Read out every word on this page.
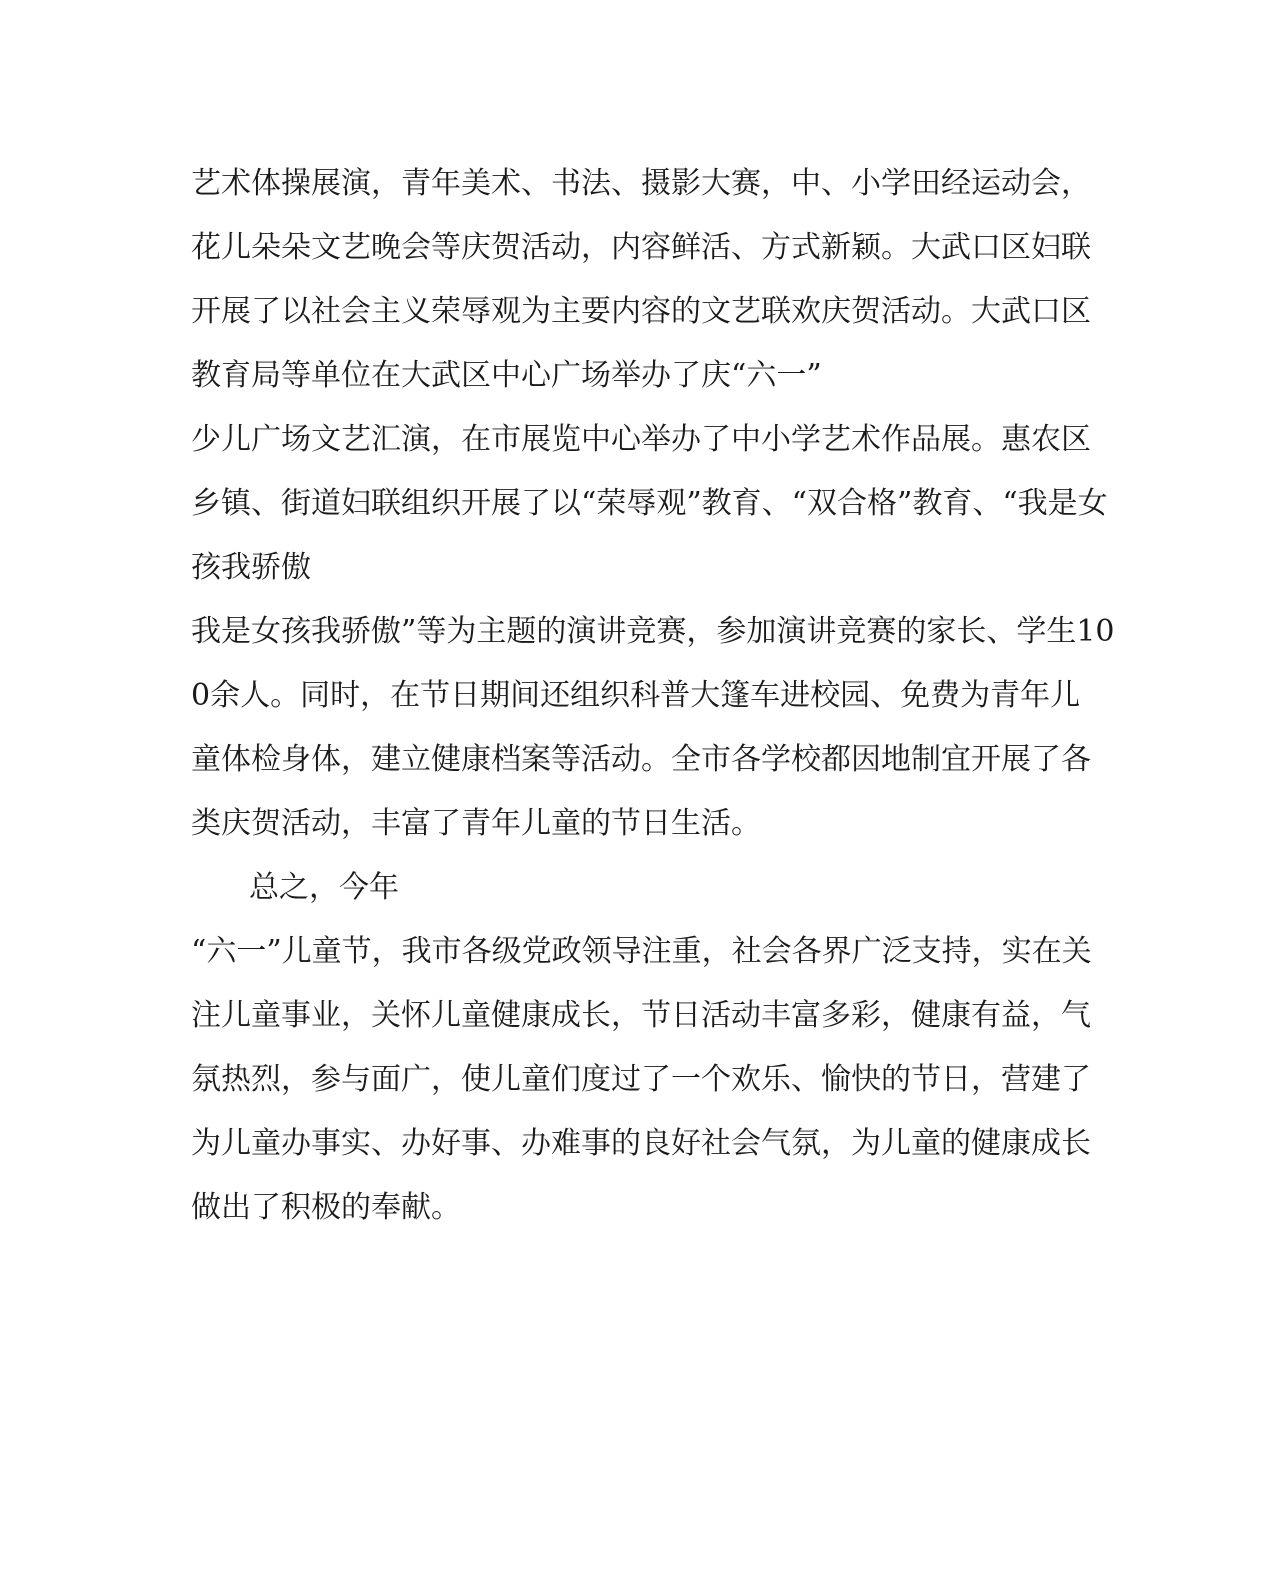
艺术体操展演，青年美术、书法、摄影大赛，中、小学田经运动会，
花儿朵朵文艺晚会等庆贺活动，内容鲜活、方式新颖。大武口区妇联
开展了以社会主义荣辱观为主要内容的文艺联欢庆贺活动。大武口区
教育局等单位在大武区中心广场举办了庆“六一”
少儿广场文艺汇演，在市展览中心举办了中小学艺术作品展。惠农区
乡镇、街道妇联组织开展了以“荣辱观”教育、“双合格”教育、“我是女
孩我骄傲
我是女孩我骄傲”等为主题的演讲竞赛，参加演讲竞赛的家长、学生10
0余人。同时，在节日期间还组织科普大篷车进校园、免费为青年儿
童体检身体，建立健康档案等活动。全市各学校都因地制宜开展了各
类庆贺活动，丰富了青年儿童的节日生活。
总之，今年
“六一”儿童节，我市各级党政领导注重，社会各界广泛支持，实在关
注儿童事业，关怀儿童健康成长，节日活动丰富多彩，健康有益，气
氛热烈，参与面广，使儿童们度过了一个欢乐、愉快的节日，营建了
为儿童办事实、办好事、办难事的良好社会气氛，为儿童的健康成长
做出了积极的奉献。
